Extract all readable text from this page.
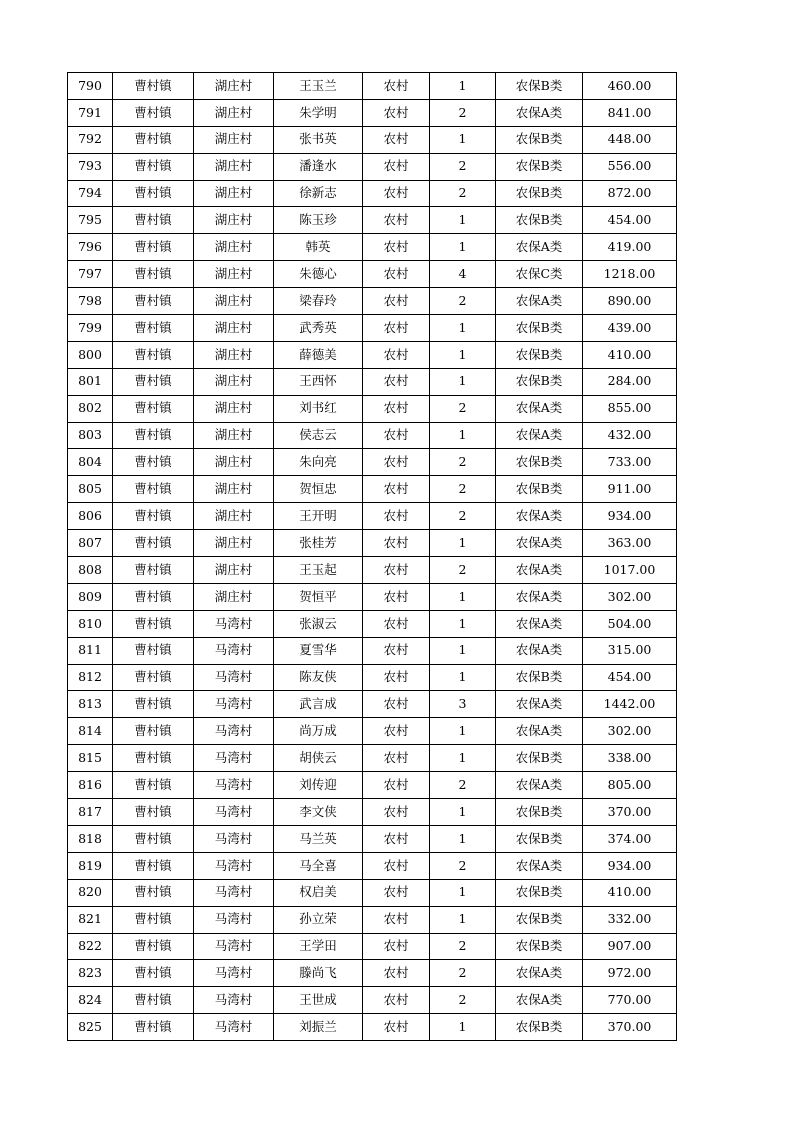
790	曹村镇	湖庄村	王玉兰	农村	1	农保B类	460.00
791	曹村镇	湖庄村	朱学明	农村	2	农保A类	841.00
792	曹村镇	湖庄村	张书英	农村	1	农保B类	448.00
793	曹村镇	湖庄村	潘逢水	农村	2	农保B类	556.00
794	曹村镇	湖庄村	徐新志	农村	2	农保B类	872.00
795	曹村镇	湖庄村	陈玉珍	农村	1	农保B类	454.00
796	曹村镇	湖庄村	韩英	农村	1	农保A类	419.00
797	曹村镇	湖庄村	朱德心	农村	4	农保C类	1218.00
798	曹村镇	湖庄村	梁春玲	农村	2	农保A类	890.00
799	曹村镇	湖庄村	武秀英	农村	1	农保B类	439.00
800	曹村镇	湖庄村	薛德美	农村	1	农保B类	410.00
801	曹村镇	湖庄村	王西怀	农村	1	农保B类	284.00
802	曹村镇	湖庄村	刘书红	农村	2	农保A类	855.00
803	曹村镇	湖庄村	侯志云	农村	1	农保A类	432.00
804	曹村镇	湖庄村	朱向亮	农村	2	农保B类	733.00
805	曹村镇	湖庄村	贺恒忠	农村	2	农保B类	911.00
806	曹村镇	湖庄村	王开明	农村	2	农保A类	934.00
807	曹村镇	湖庄村	张桂芳	农村	1	农保A类	363.00
808	曹村镇	湖庄村	王玉起	农村	2	农保A类	1017.00
809	曹村镇	湖庄村	贺恒平	农村	1	农保A类	302.00
810	曹村镇	马湾村	张淑云	农村	1	农保A类	504.00
811	曹村镇	马湾村	夏雪华	农村	1	农保A类	315.00
812	曹村镇	马湾村	陈友侠	农村	1	农保B类	454.00
813	曹村镇	马湾村	武言成	农村	3	农保A类	1442.00
814	曹村镇	马湾村	尚万成	农村	1	农保A类	302.00
815	曹村镇	马湾村	胡侠云	农村	1	农保B类	338.00
816	曹村镇	马湾村	刘传迎	农村	2	农保A类	805.00
817	曹村镇	马湾村	李文侠	农村	1	农保B类	370.00
818	曹村镇	马湾村	马兰英	农村	1	农保B类	374.00
819	曹村镇	马湾村	马全喜	农村	2	农保A类	934.00
820	曹村镇	马湾村	权启美	农村	1	农保B类	410.00
821	曹村镇	马湾村	孙立荣	农村	1	农保B类	332.00
822	曹村镇	马湾村	王学田	农村	2	农保B类	907.00
823	曹村镇	马湾村	滕尚飞	农村	2	农保A类	972.00
824	曹村镇	马湾村	王世成	农村	2	农保A类	770.00
825	曹村镇	马湾村	刘振兰	农村	1	农保B类	370.00
